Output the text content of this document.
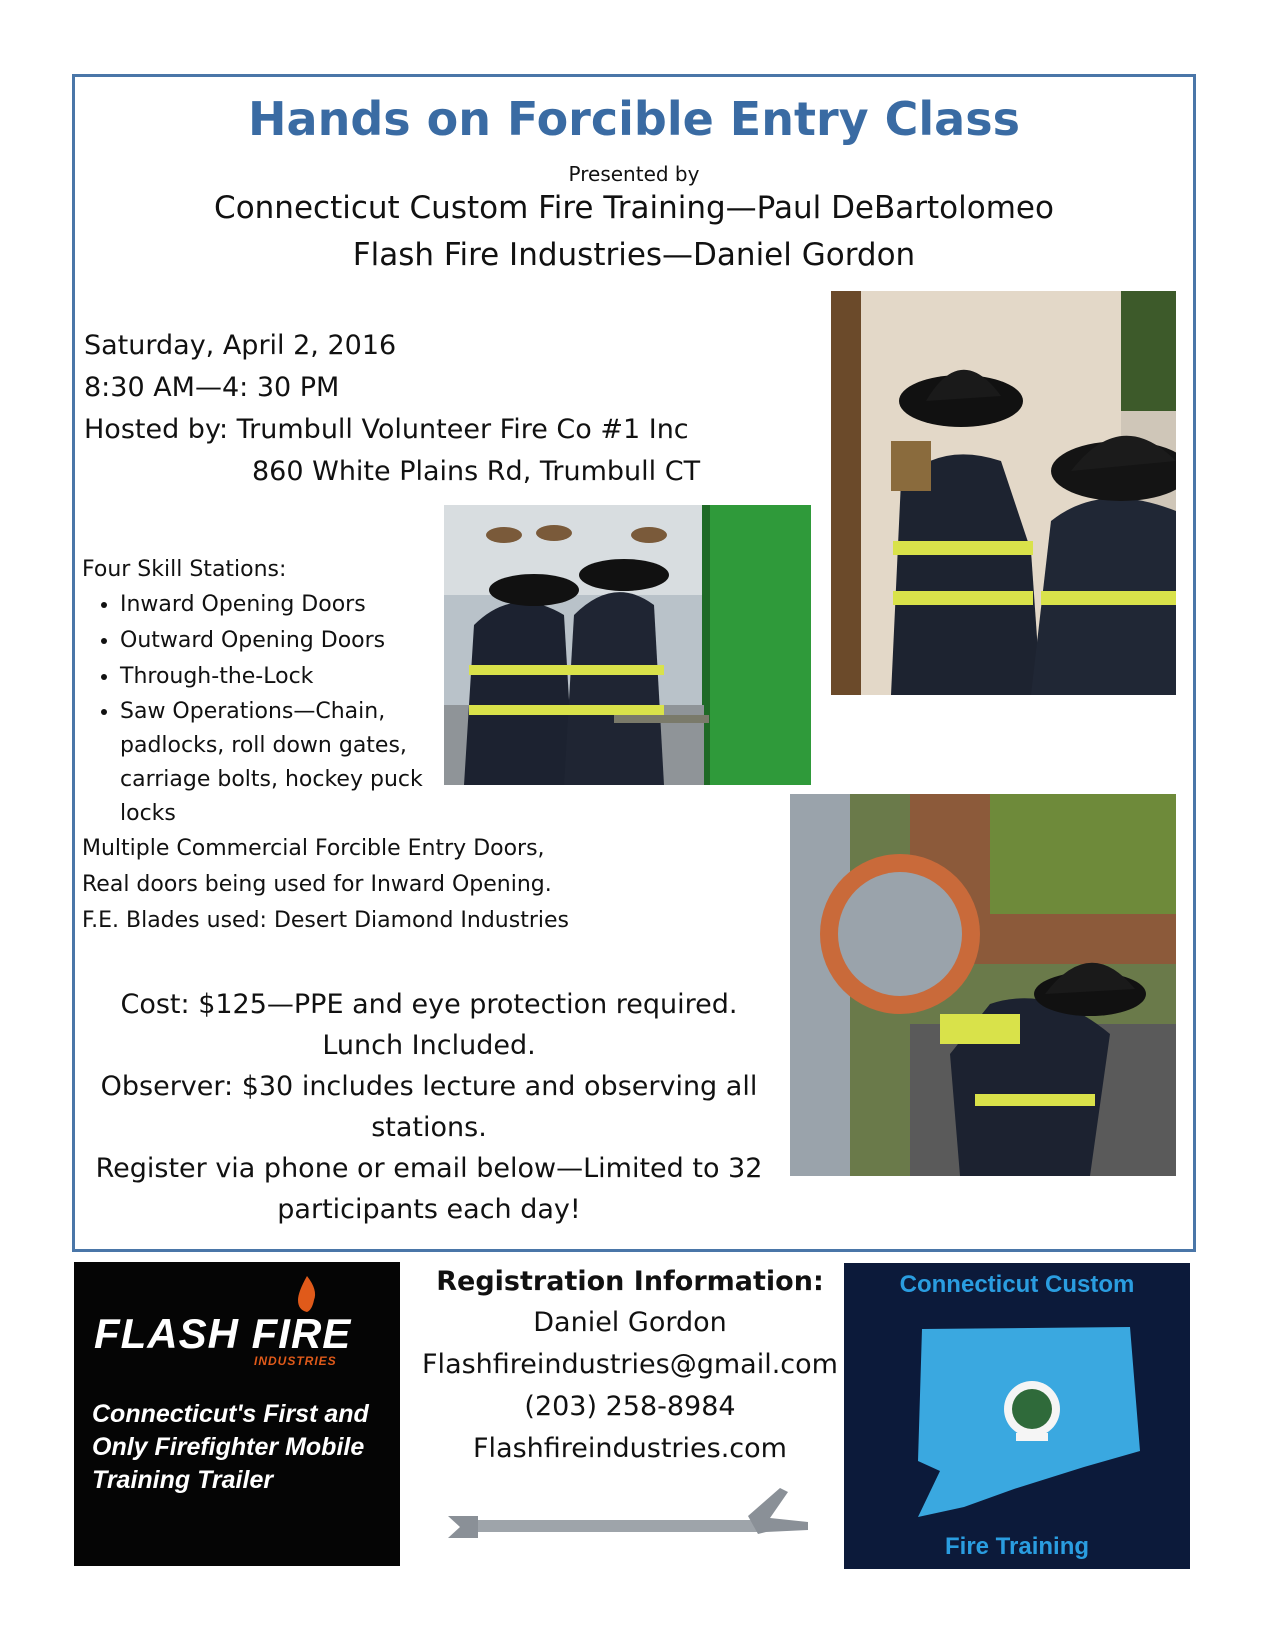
Hands on Forcible Entry Class
Presented by
Connecticut Custom Fire Training—Paul DeBartolomeo
Flash Fire Industries—Daniel Gordon
Saturday, April 2, 2016
8:30 AM—4: 30 PM
Hosted by: Trumbull Volunteer Fire Co #1 Inc
860 White Plains Rd, Trumbull CT
Four Skill Stations:
• Inward Opening Doors
• Outward Opening Doors
• Through-the-Lock
• Saw Operations—Chain, padlocks, roll down gates, carriage bolts, hockey puck locks
Multiple Commercial Forcible Entry Doors,
Real doors being used for Inward Opening.
F.E. Blades used: Desert Diamond Industries
Cost: $125—PPE and eye protection required.
Lunch Included.
Observer: $30 includes lecture and observing all stations.
Register via phone or email below—Limited to 32 participants each day!
FLASH FIRE
INDUSTRIES
Connecticut's First and Only Firefighter Mobile Training Trailer
Registration Information:
Daniel Gordon
Flashfireindustries@gmail.com
(203) 258-8984
Flashfireindustries.com
Connecticut Custom
Fire Training
